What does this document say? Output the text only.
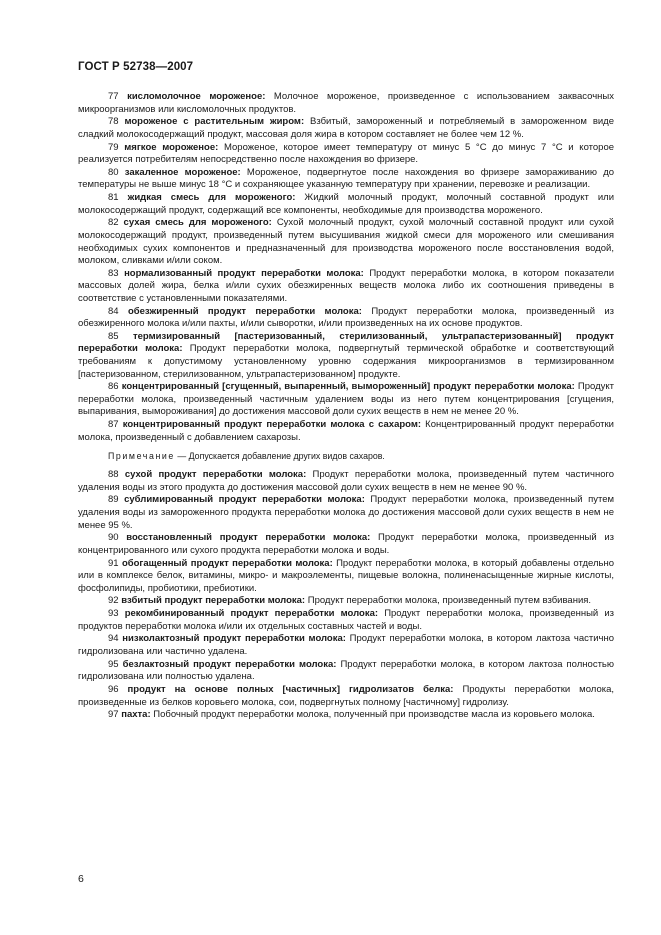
ГОСТ Р 52738—2007

77 кисломолочное мороженое: Молочное мороженое, произведенное с использованием заквасочных микроорганизмов или кисломолочных продуктов.

78 мороженое с растительным жиром: Взбитый, замороженный и потребляемый в замороженном виде сладкий молокосодержащий продукт, массовая доля жира в котором составляет не более чем 12 %.

79 мягкое мороженое: Мороженое, которое имеет температуру от минус 5 °С до минус 7 °С и которое реализуется потребителям непосредственно после нахождения во фризере.

80 закаленное мороженое: Мороженое, подвергнутое после нахождения во фризере замораживанию до температуры не выше минус 18 °С и сохраняющее указанную температуру при хранении, перевозке и реализации.

81 жидкая смесь для мороженого: Жидкий молочный продукт, молочный составной продукт или молокосодержащий продукт, содержащий все компоненты, необходимые для производства мороженого.

82 сухая смесь для мороженого: Сухой молочный продукт, сухой молочный составной продукт или сухой молокосодержащий продукт, произведенный путем высушивания жидкой смеси для мороженого или смешивания необходимых сухих компонентов и предназначенный для производства мороженого после восстановления водой, молоком, сливками и/или соком.

83 нормализованный продукт переработки молока: Продукт переработки молока, в котором показатели массовых долей жира, белка и/или сухих обезжиренных веществ молока либо их соотношения приведены в соответствие с установленными показателями.

84 обезжиренный продукт переработки молока: Продукт переработки молока, произведенный из обезжиренного молока и/или пахты, и/или сыворотки, и/или произведенных на их основе продуктов.

85 термизированный [пастеризованный, стерилизованный, ультрапастеризованный] продукт переработки молока: Продукт переработки молока, подвергнутый термической обработке и соответствующий требованиям к допустимому установленному уровню содержания микроорганизмов в термизированном [пастеризованном, стерилизованном, ультрапастеризованном] продукте.

86 концентрированный [сгущенный, выпаренный, вымороженный] продукт переработки молока: Продукт переработки молока, произведенный частичным удалением воды из него путем концентрирования [сгущения, выпаривания, вымороживания] до достижения массовой доли сухих веществ в нем не менее 20 %.

87 концентрированный продукт переработки молока с сахаром: Концентрированный продукт переработки молока, произведенный с добавлением сахарозы.

Примечание — Допускается добавление других видов сахаров.

88 сухой продукт переработки молока: Продукт переработки молока, произведенный путем частичного удаления воды из этого продукта до достижения массовой доли сухих веществ в нем не менее 90 %.

89 сублимированный продукт переработки молока: Продукт переработки молока, произведенный путем удаления воды из замороженного продукта переработки молока до достижения массовой доли сухих веществ в нем не менее 95 %.

90 восстановленный продукт переработки молока: Продукт переработки молока, произведенный из концентрированного или сухого продукта переработки молока и воды.

91 обогащенный продукт переработки молока: Продукт переработки молока, в который добавлены отдельно или в комплексе белок, витамины, микро- и макроэлементы, пищевые волокна, полиненасыщенные жирные кислоты, фосфолипиды, пробиотики, пребиотики.

92 взбитый продукт переработки молока: Продукт переработки молока, произведенный путем взбивания.

93 рекомбинированный продукт переработки молока: Продукт переработки молока, произведенный из продуктов переработки молока и/или их отдельных составных частей и воды.

94 низколактозный продукт переработки молока: Продукт переработки молока, в котором лактоза частично гидролизована или частично удалена.

95 безлактозный продукт переработки молока: Продукт переработки молока, в котором лактоза полностью гидролизована или полностью удалена.

96 продукт на основе полных [частичных] гидролизатов белка: Продукты переработки молока, произведенные из белков коровьего молока, сои, подвергнутых полному [частичному] гидролизу.

97 пахта: Побочный продукт переработки молока, полученный при производстве масла из коровьего молока.

6
